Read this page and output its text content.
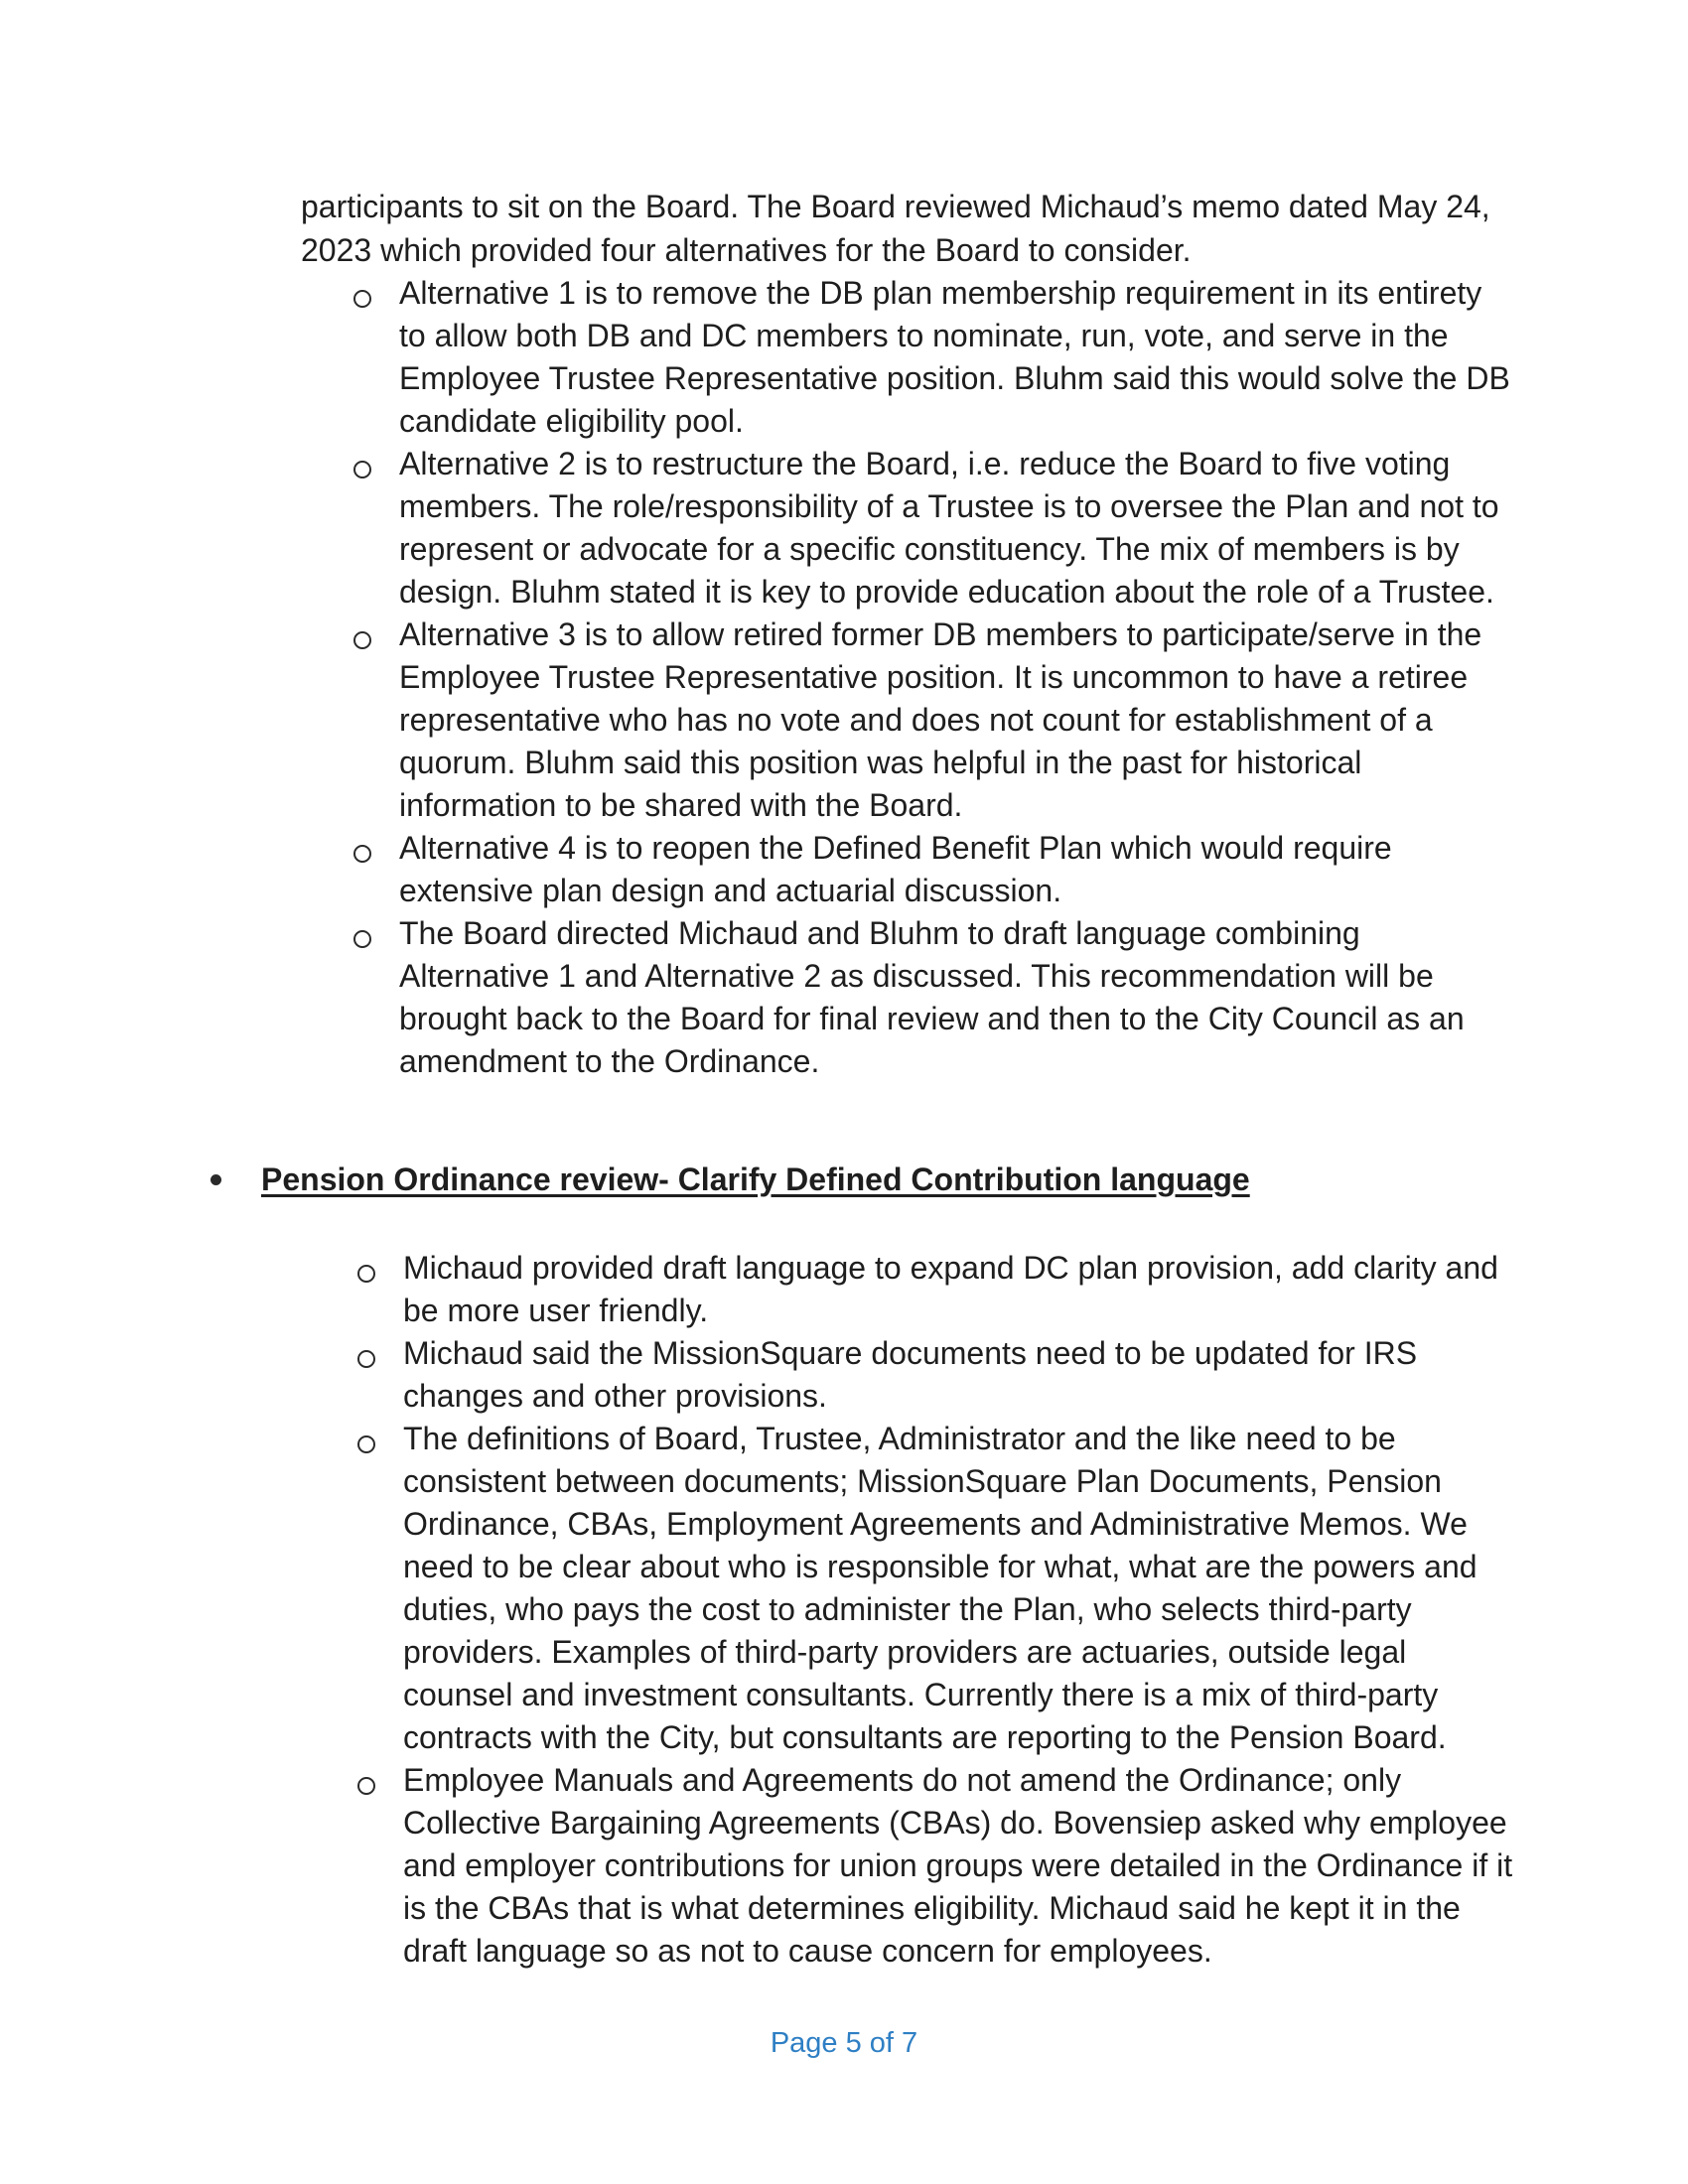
participants to sit on the Board. The Board reviewed Michaud’s memo dated May 24, 2023 which provided four alternatives for the Board to consider.

Alternative 1 is to remove the DB plan membership requirement in its entirety to allow both DB and DC members to nominate, run, vote, and serve in the Employee Trustee Representative position. Bluhm said this would solve the DB candidate eligibility pool.
Alternative 2 is to restructure the Board, i.e. reduce the Board to five voting members. The role/responsibility of a Trustee is to oversee the Plan and not to represent or advocate for a specific constituency. The mix of members is by design. Bluhm stated it is key to provide education about the role of a Trustee.
Alternative 3 is to allow retired former DB members to participate/serve in the Employee Trustee Representative position. It is uncommon to have a retiree representative who has no vote and does not count for establishment of a quorum. Bluhm said this position was helpful in the past for historical information to be shared with the Board.
Alternative 4 is to reopen the Defined Benefit Plan which would require extensive plan design and actuarial discussion.
The Board directed Michaud and Bluhm to draft language combining Alternative 1 and Alternative 2 as discussed. This recommendation will be brought back to the Board for final review and then to the City Council as an amendment to the Ordinance.
Pension Ordinance review- Clarify Defined Contribution language
Michaud provided draft language to expand DC plan provision, add clarity and be more user friendly.
Michaud said the MissionSquare documents need to be updated for IRS changes and other provisions.
The definitions of Board, Trustee, Administrator and the like need to be consistent between documents; MissionSquare Plan Documents, Pension Ordinance, CBAs, Employment Agreements and Administrative Memos. We need to be clear about who is responsible for what, what are the powers and duties, who pays the cost to administer the Plan, who selects third-party providers. Examples of third-party providers are actuaries, outside legal counsel and investment consultants. Currently there is a mix of third-party contracts with the City, but consultants are reporting to the Pension Board.
Employee Manuals and Agreements do not amend the Ordinance; only Collective Bargaining Agreements (CBAs) do. Bovensiep asked why employee and employer contributions for union groups were detailed in the Ordinance if it is the CBAs that is what determines eligibility. Michaud said he kept it in the draft language so as not to cause concern for employees.
Page 5 of 7
